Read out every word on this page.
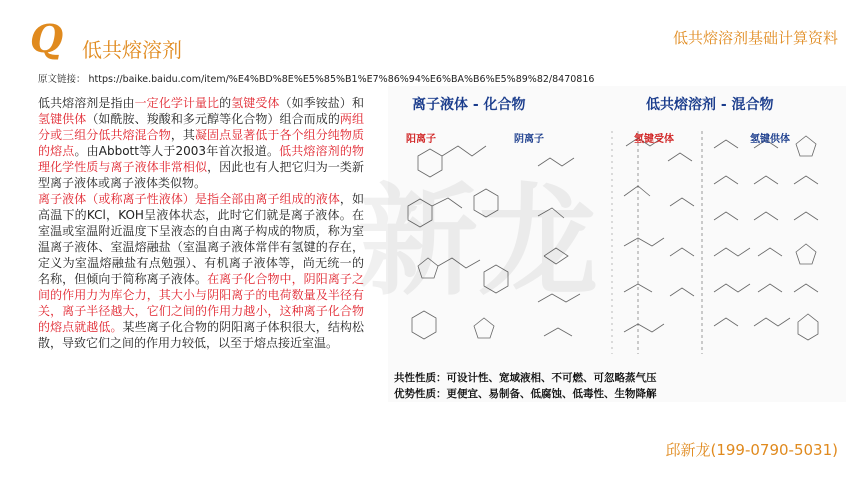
Q 低共熔溶剂	低共熔溶剂基础计算资料
原文链接： https://baike.baidu.com/item/%E4%BD%8E%E5%85%B1%E7%86%94%E6%BA%B6%E5%89%82/8470816

低共熔溶剂是指由一定化学计量比的氢键受体（如季铵盐）和氢键供体（如酰胺、羧酸和多元醇等化合物）组合而成的两组分或三组分低共熔混合物，其凝固点显著低于各个组分纯物质的熔点。由Abbott等人于2003年首次报道。低共熔溶剂的物理化学性质与离子液体非常相似，因此也有人把它归为一类新型离子液体或离子液体类似物。

离子液体（或称离子性液体）是指全部由离子组成的液体，如高温下的KCl，KOH呈液体状态，此时它们就是离子液体。在室温或室温附近温度下呈液态的自由离子构成的物质，称为室温离子液体、室温熔融盐（室温离子液体常伴有氢键的存在，定义为室温熔融盐有点勉强）、有机离子液体等，尚无统一的名称，但倾向于简称离子液体。在离子化合物中，阴阳离子之间的作用力为库仑力，其大小与阴阳离子的电荷数量及半径有关，离子半径越大，它们之间的作用力越小，这种离子化合物的熔点就越低。某些离子化合物的阴阳离子体积很大，结构松散，导致它们之间的作用力较低，以至于熔点接近室温。

新龙
离子液体 - 化合物	低共熔溶剂 - 混合物
阳离子	阴离子	氢键受体	氢键供体
共性性质：可设计性、宽域液相、不可燃、可忽略蒸气压
优势性质：更便宜、易制备、低腐蚀、低毒性、生物降解
邱新龙(199-0790-5031)
